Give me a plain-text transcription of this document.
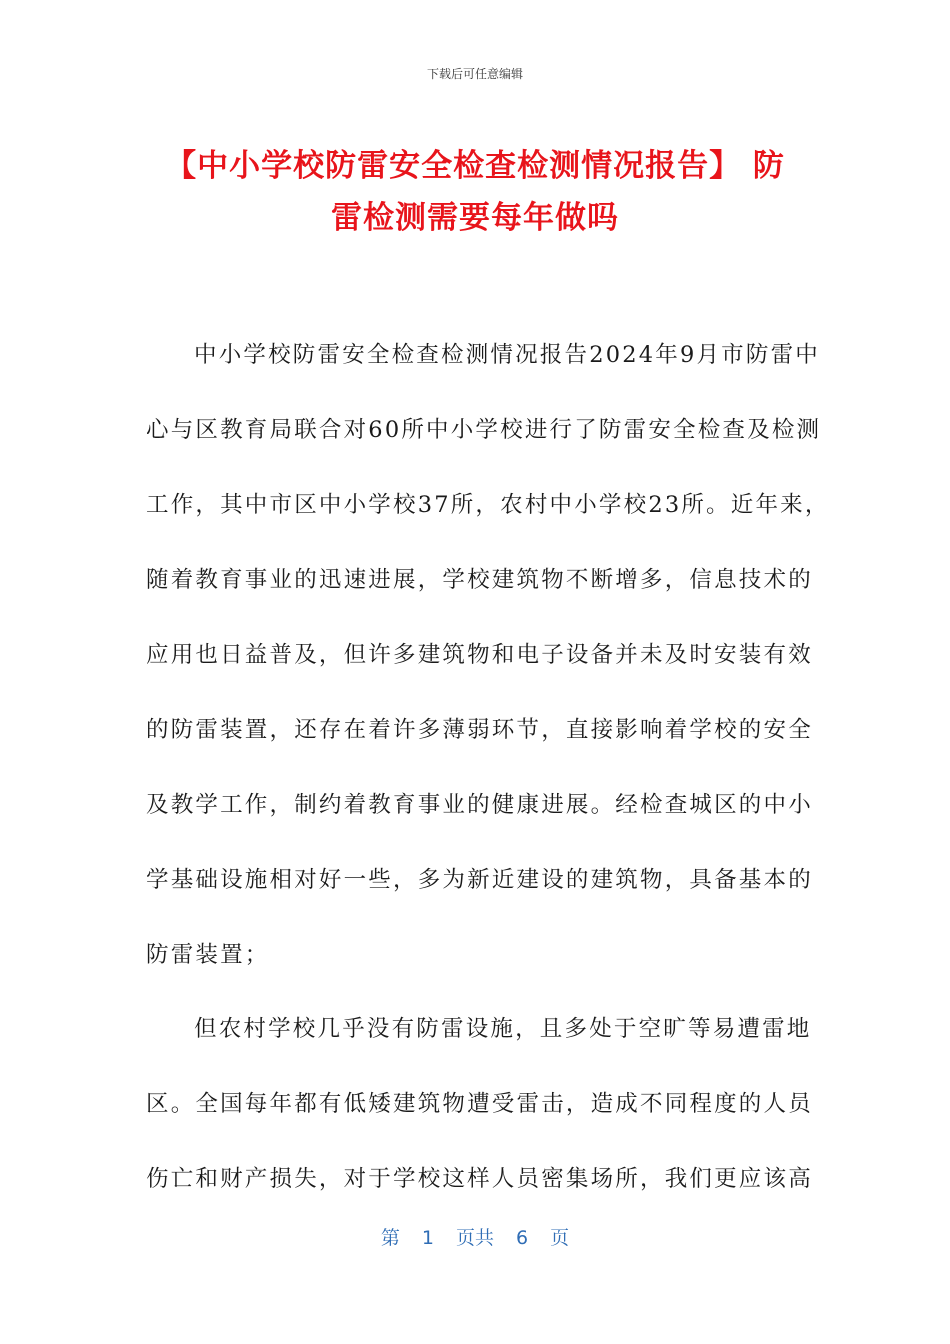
下载后可任意编辑
【中小学校防雷安全检查检测情况报告】 防
雷检测需要每年做吗
中小学校防雷安全检查检测情况报告2024年9月市防雷中
心与区教育局联合对60所中小学校进行了防雷安全检查及检测
工作，其中市区中小学校37所，农村中小学校23所。近年来，
随着教育事业的迅速进展，学校建筑物不断增多，信息技术的
应用也日益普及，但许多建筑物和电子设备并未及时安装有效
的防雷装置，还存在着许多薄弱环节，直接影响着学校的安全
及教学工作，制约着教育事业的健康进展。经检查城区的中小
学基础设施相对好一些，多为新近建设的建筑物，具备基本的
防雷装置；
但农村学校几乎没有防雷设施，且多处于空旷等易遭雷地
区。全国每年都有低矮建筑物遭受雷击，造成不同程度的人员
伤亡和财产损失，对于学校这样人员密集场所，我们更应该高
第 1 页共 6 页
